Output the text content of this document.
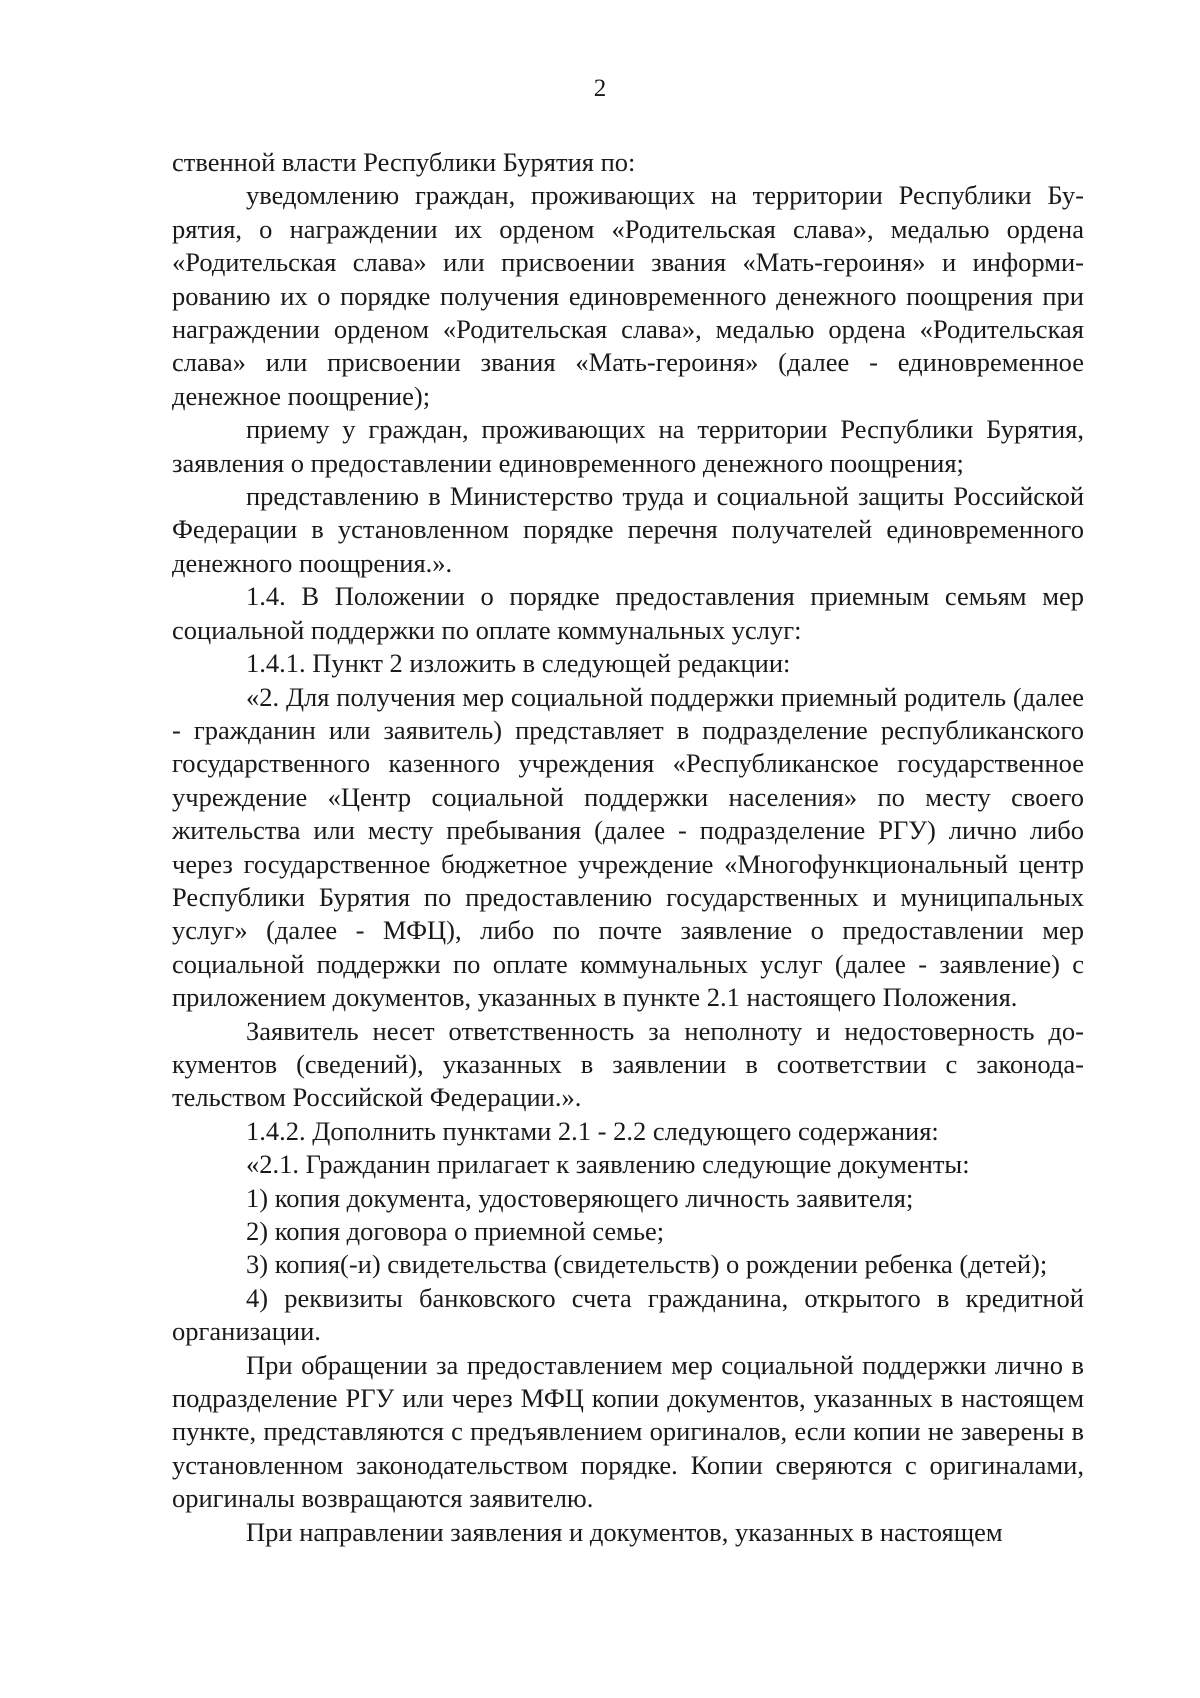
2

ственной власти Республики Бурятия по:

уведомлению граждан, проживающих на территории Республики Бурятия, о награждении их орденом «Родительская слава», медалью ордена «Родительская слава» или присвоении звания «Мать-героиня» и информированию их о порядке получения единовременного денежного поощрения при награждении орденом «Родительская слава», медалью ордена «Родительская слава» или присвоении звания «Мать-героиня» (далее - единовременное денежное поощрение);

приему у граждан, проживающих на территории Республики Бурятия, заявления о предоставлении единовременного денежного поощрения;

представлению в Министерство труда и социальной защиты Российской Федерации в установленном порядке перечня получателей единовременного денежного поощрения.».

1.4. В Положении о порядке предоставления приемным семьям мер социальной поддержки по оплате коммунальных услуг:

1.4.1. Пункт 2 изложить в следующей редакции:

«2. Для получения мер социальной поддержки приемный родитель (далее - гражданин или заявитель) представляет в подразделение республиканского государственного казенного учреждения «Республиканское государственное учреждение «Центр социальной поддержки населения» по месту своего жительства или месту пребывания (далее - подразделение РГУ) лично либо через государственное бюджетное учреждение «Многофункциональный центр Республики Бурятия по предоставлению государственных и муниципальных услуг» (далее - МФЦ), либо по почте заявление о предоставлении мер социальной поддержки по оплате коммунальных услуг (далее - заявление) с приложением документов, указанных в пункте 2.1 настоящего Положения.

Заявитель несет ответственность за неполноту и недостоверность документов (сведений), указанных в заявлении в соответствии с законодательством Российской Федерации.».

1.4.2. Дополнить пунктами 2.1 - 2.2 следующего содержания:

«2.1. Гражданин прилагает к заявлению следующие документы:

1) копия документа, удостоверяющего личность заявителя;

2) копия договора о приемной семье;

3) копия(-и) свидетельства (свидетельств) о рождении ребенка (детей);

4) реквизиты банковского счета гражданина, открытого в кредитной организации.

При обращении за предоставлением мер социальной поддержки лично в подразделение РГУ или через МФЦ копии документов, указанных в настоящем пункте, представляются с предъявлением оригиналов, если копии не заверены в установленном законодательством порядке. Копии сверяются с оригиналами, оригиналы возвращаются заявителю.

При направлении заявления и документов, указанных в настоящем
